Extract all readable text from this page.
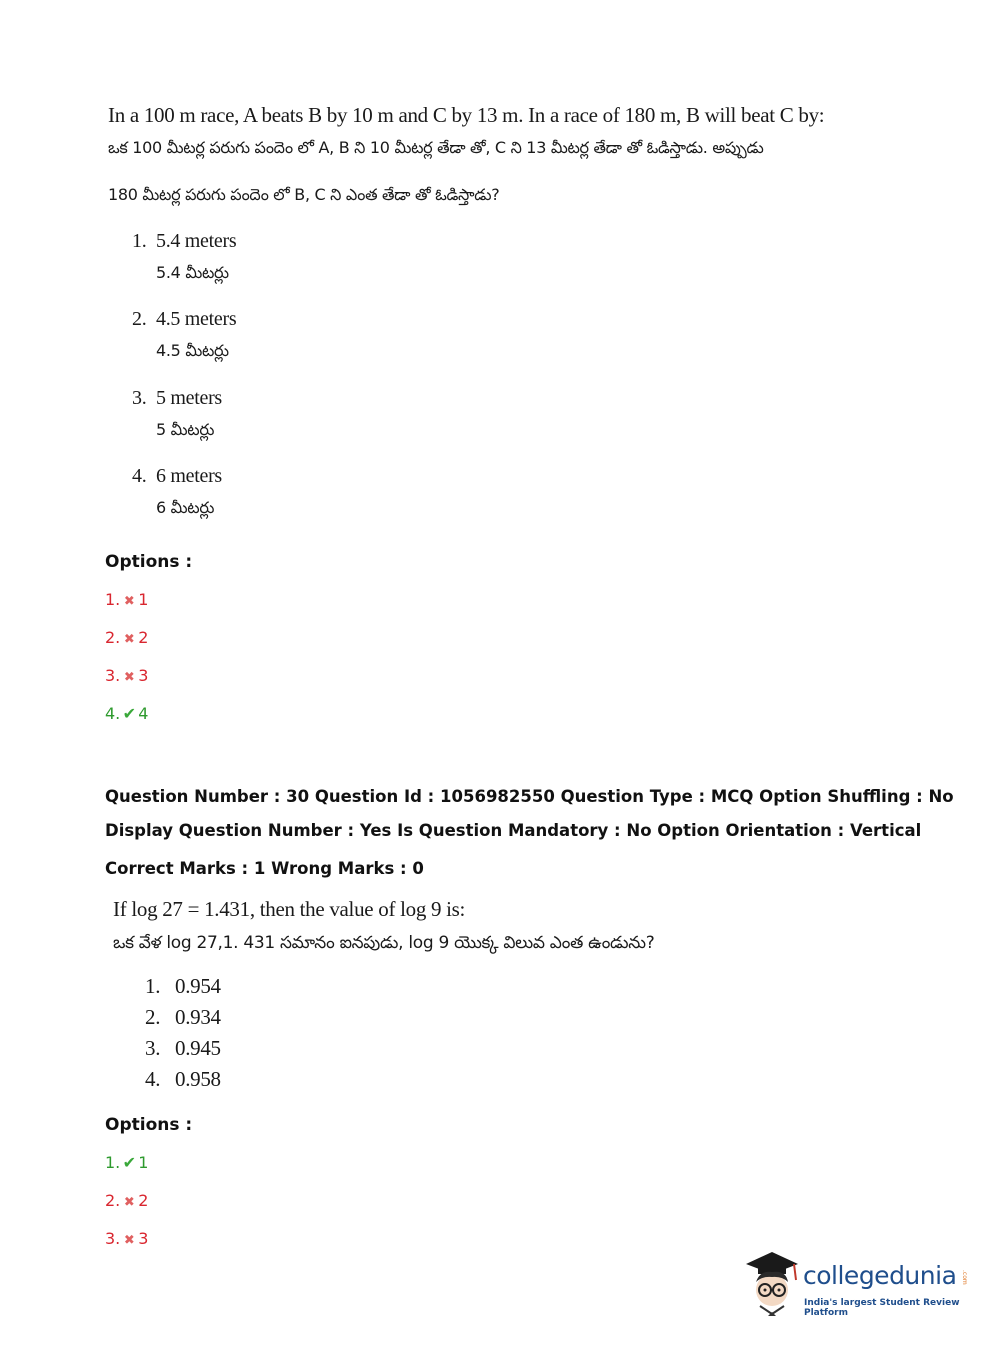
In a 100 m race, A beats B by 10 m and C by 13 m. In a race of 180 m, B will beat C by:
ఒక 100 మీటర్ల పరుగు పందెం లో A, B ని 10 మీటర్ల తేడా తో, C ని 13 మీటర్ల తేడా తో ఓడిస్తాడు. అప్పుడు
180 మీటర్ల పరుగు పందెం లో B, C ని ఎంత తేడా తో ఓడిస్తాడు?
1. 5.4 meters
5.4 మీటర్లు
2. 4.5 meters
4.5 మీటర్లు
3. 5 meters
5 మీటర్లు
4. 6 meters
6 మీటర్లు
Options :
1. ✖ 1
2. ✖ 2
3. ✖ 3
4. ✔ 4
Question Number : 30 Question Id : 1056982550 Question Type : MCQ Option Shuffling : No
Display Question Number : Yes Is Question Mandatory : No Option Orientation : Vertical
Correct Marks : 1 Wrong Marks : 0
If log 27 = 1.431, then the value of log 9 is:
ఒక వేళ log 27,1. 431 సమానం ఐనపుడు, log 9 యొక్క విలువ ఎంత ఉండును?
1. 0.954
2. 0.934
3. 0.945
4. 0.958
Options :
1. ✔ 1
2. ✖ 2
3. ✖ 3
collegedunia .com
India's largest Student Review Platform
